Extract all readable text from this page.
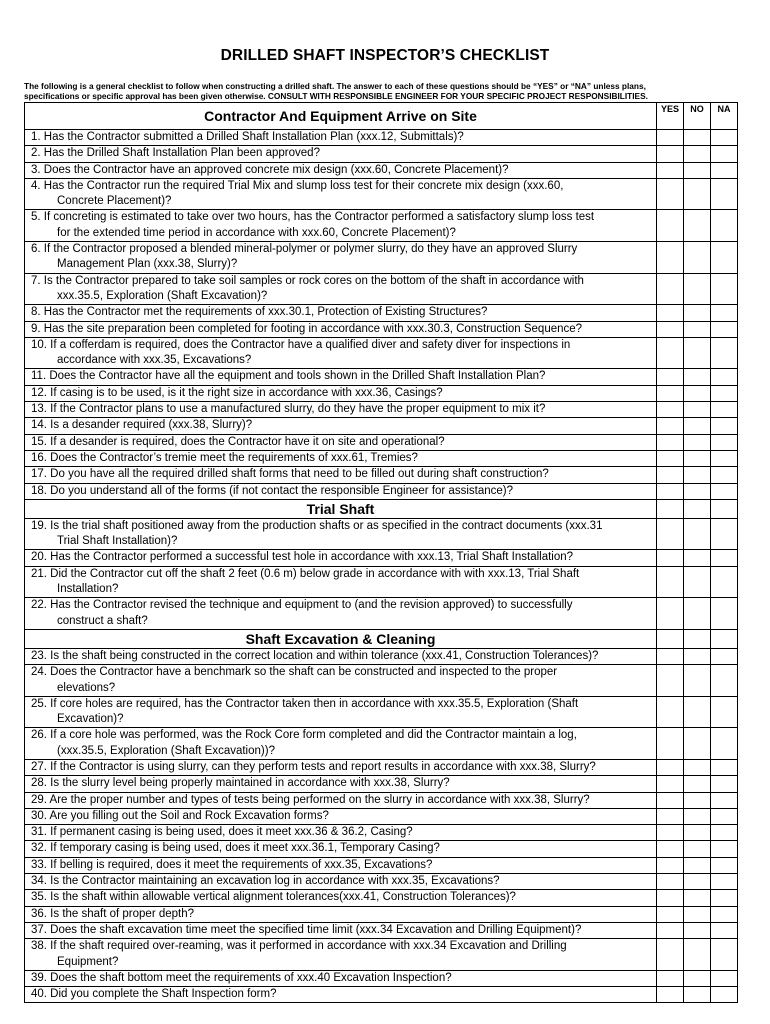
DRILLED SHAFT INSPECTOR’S CHECKLIST
The following is a general checklist to follow when constructing a drilled shaft. The answer to each of these questions should be “YES” or “NA” unless plans,
specifications or specific approval has been given otherwise. CONSULT WITH RESPONSIBLE ENGINEER FOR YOUR SPECIFIC PROJECT RESPONSIBILITIES.
Contractor And Equipment Arrive on Site	YES	NO	NA

1. Has the Contractor submitted a Drilled Shaft Installation Plan (xxx.12, Submittals)?			

2. Has the Drilled Shaft Installation Plan been approved?			

3. Does the Contractor have an approved concrete mix design (xxx.60, Concrete Placement)?			

4. Has the Contractor run the required Trial Mix and slump loss test for their concrete mix design (xxx.60,
Concrete Placement)?			

5. If concreting is estimated to take over two hours, has the Contractor performed a satisfactory slump loss test
for the extended time period in accordance with xxx.60, Concrete Placement)?			

6. If the Contractor proposed a blended mineral-polymer or polymer slurry, do they have an approved Slurry
Management Plan (xxx.38, Slurry)?			

7. Is the Contractor prepared to take soil samples or rock cores on the bottom of the shaft in accordance with
xxx.35.5, Exploration (Shaft Excavation)?			

8. Has the Contractor met the requirements of xxx.30.1, Protection of Existing Structures?			

9. Has the site preparation been completed for footing in accordance with xxx.30.3, Construction Sequence?			

10. If a cofferdam is required, does the Contractor have a qualified diver and safety diver for inspections in
accordance with xxx.35, Excavations?			

11. Does the Contractor have all the equipment and tools shown in the Drilled Shaft Installation Plan?			

12. If casing is to be used, is it the right size in accordance with xxx.36, Casings?			

13. If the Contractor plans to use a manufactured slurry, do they have the proper equipment to mix it?			

14. Is a desander required (xxx.38, Slurry)?			

15. If a desander is required, does the Contractor have it on site and operational?			

16. Does the Contractor’s tremie meet the requirements of xxx.61, Tremies?			

17. Do you have all the required drilled shaft forms that need to be filled out during shaft construction?			

18. Do you understand all of the forms (if not contact the responsible Engineer for assistance)?			

Trial Shaft			

19. Is the trial shaft positioned away from the production shafts or as specified in the contract documents (xxx.31
Trial Shaft Installation)?			

20. Has the Contractor performed a successful test hole in accordance with xxx.13, Trial Shaft Installation?			

21. Did the Contractor cut off the shaft 2 feet (0.6 m) below grade in accordance with with xxx.13, Trial Shaft
Installation?			

22. Has the Contractor revised the technique and equipment to (and the revision approved) to successfully
construct a shaft?			

Shaft Excavation & Cleaning			

23. Is the shaft being constructed in the correct location and within tolerance (xxx.41, Construction Tolerances)?			

24. Does the Contractor have a benchmark so the shaft can be constructed and inspected to the proper
elevations?			

25. If core holes are required, has the Contractor taken then in accordance with xxx.35.5, Exploration (Shaft
Excavation)?			

26. If a core hole was performed, was the Rock Core form completed and did the Contractor maintain a log,
(xxx.35.5, Exploration (Shaft Excavation))?			

27. If the Contractor is using slurry, can they perform tests and report results in accordance with xxx.38, Slurry?			

28. Is the slurry level being properly maintained in accordance with xxx.38, Slurry?			

29. Are the proper number and types of tests being performed on the slurry in accordance with xxx.38, Slurry?			

30. Are you filling out the Soil and Rock Excavation forms?			

31. If permanent casing is being used, does it meet xxx.36 & 36.2, Casing?			

32. If temporary casing is being used, does it meet xxx.36.1, Temporary Casing?			

33. If belling is required, does it meet the requirements of xxx.35, Excavations?			

34. Is the Contractor maintaining an excavation log in accordance with xxx.35, Excavations?			

35. Is the shaft within allowable vertical alignment tolerances(xxx.41, Construction Tolerances)?			

36. Is the shaft of proper depth?			

37. Does the shaft excavation time meet the specified time limit (xxx.34 Excavation and Drilling Equipment)?			

38. If the shaft required over-reaming, was it performed in accordance with xxx.34 Excavation and Drilling
Equipment?			

39. Does the shaft bottom meet the requirements of xxx.40 Excavation Inspection?			

40. Did you complete the Shaft Inspection form?			
